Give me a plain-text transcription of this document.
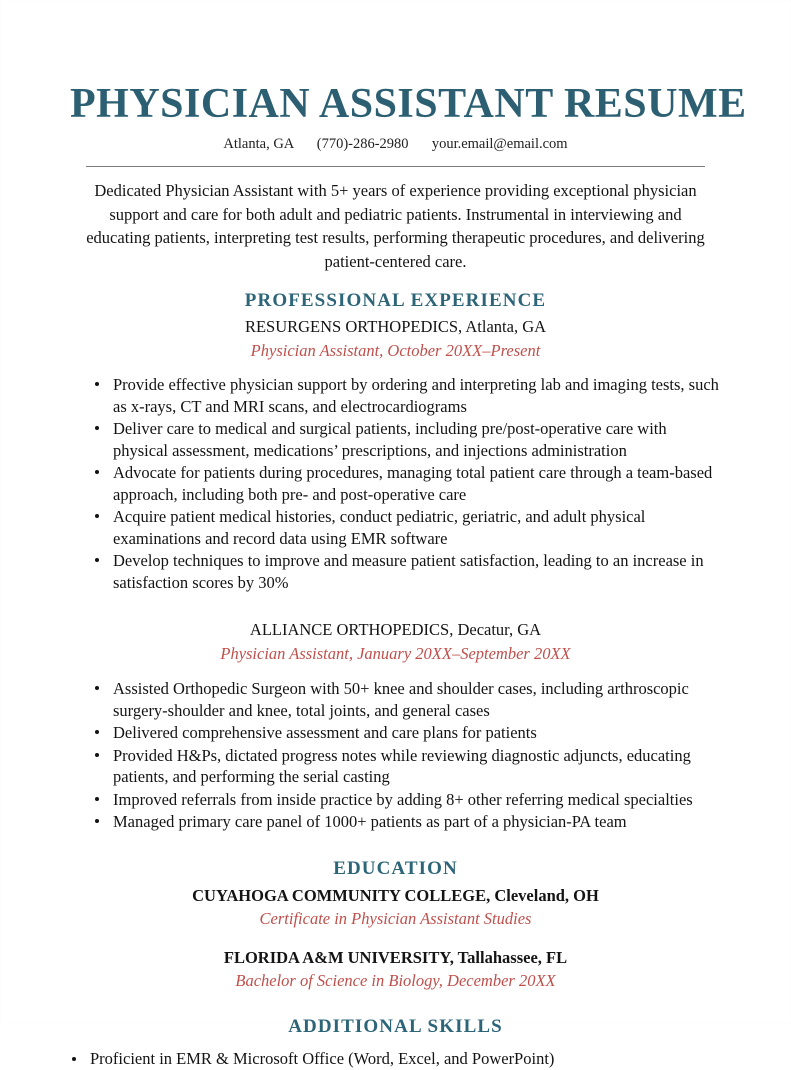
PHYSICIAN ASSISTANT RESUME
Atlanta, GA (770)-286-2980 your.email@email.com

Dedicated Physician Assistant with 5+ years of experience providing exceptional physician support and care for both adult and pediatric patients. Instrumental in interviewing and educating patients, interpreting test results, performing therapeutic procedures, and delivering patient-centered care.

PROFESSIONAL EXPERIENCE

RESURGENS ORTHOPEDICS, Atlanta, GA

Physician Assistant, October 20XX–Present

Provide effective physician support by ordering and interpreting lab and imaging tests, such as x-rays, CT and MRI scans, and electrocardiograms
Deliver care to medical and surgical patients, including pre/post-operative care with physical assessment, medications’ prescriptions, and injections administration
Advocate for patients during procedures, managing total patient care through a team-based approach, including both pre- and post-operative care
Acquire patient medical histories, conduct pediatric, geriatric, and adult physical examinations and record data using EMR software
Develop techniques to improve and measure patient satisfaction, leading to an increase in satisfaction scores by 30%

ALLIANCE ORTHOPEDICS, Decatur, GA

Physician Assistant, January 20XX–September 20XX

Assisted Orthopedic Surgeon with 50+ knee and shoulder cases, including arthroscopic surgery-shoulder and knee, total joints, and general cases
Delivered comprehensive assessment and care plans for patients
Provided H&Ps, dictated progress notes while reviewing diagnostic adjuncts, educating patients, and performing the serial casting
Improved referrals from inside practice by adding 8+ other referring medical specialties
Managed primary care panel of 1000+ patients as part of a physician-PA team
EDUCATION

CUYAHOGA COMMUNITY COLLEGE, Cleveland, OH

Certificate in Physician Assistant Studies

FLORIDA A&M UNIVERSITY, Tallahassee, FL

Bachelor of Science in Biology, December 20XX

ADDITIONAL SKILLS
Proficient in EMR & Microsoft Office (Word, Excel, and PowerPoint)
